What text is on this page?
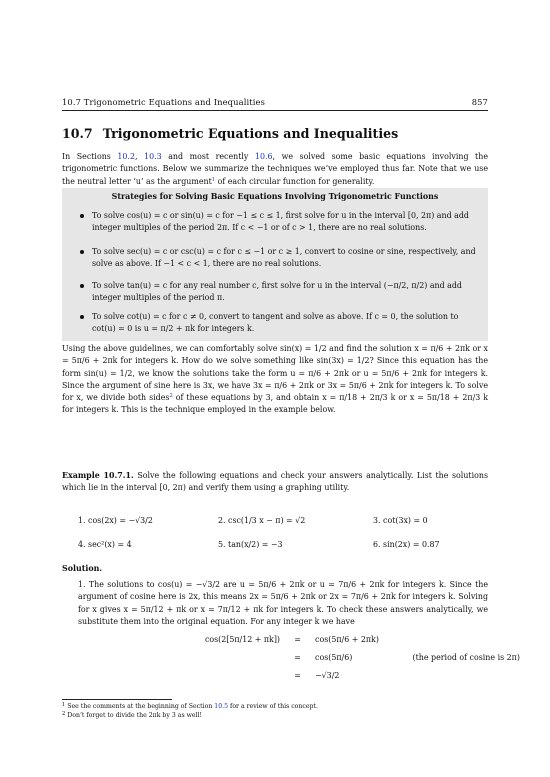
10.7 Trigonometric Equations and Inequalities	857
10.7 Trigonometric Equations and Inequalities
In Sections 10.2, 10.3 and most recently 10.6, we solved some basic equations involving the trigonometric functions. Below we summarize the techniques we’ve employed thus far. Note that we use the neutral letter ‘u’ as the argument$^1$ of each circular function for generality.
Strategies for Solving Basic Equations Involving Trigonometric Functions
To solve cos(u) = c or sin(u) = c for −1 ≤ c ≤ 1, first solve for u in the interval [0, 2π) and add integer multiples of the period 2π. If c < −1 or of c > 1, there are no real solutions.
To solve sec(u) = c or csc(u) = c for c ≤ −1 or c ≥ 1, convert to cosine or sine, respectively, and solve as above. If −1 < c < 1, there are no real solutions.
To solve tan(u) = c for any real number c, first solve for u in the interval (−π/2, π/2) and add integer multiples of the period π.
To solve cot(u) = c for c ≠ 0, convert to tangent and solve as above. If c = 0, the solution to cot(u) = 0 is u = π/2 + πk for integers k.
Using the above guidelines, we can comfortably solve sin(x) = 1/2 and find the solution x = π/6 + 2πk or x = 5π/6 + 2πk for integers k. How do we solve something like sin(3x) = 1/2? Since this equation has the form sin(u) = 1/2, we know the solutions take the form u = π/6 + 2πk or u = 5π/6 + 2πk for integers k. Since the argument of sine here is 3x, we have 3x = π/6 + 2πk or 3x = 5π/6 + 2πk for integers k. To solve for x, we divide both sides$^2$ of these equations by 3, and obtain x = π/18 + 2π/3 k or x = 5π/18 + 2π/3 k for integers k. This is the technique employed in the example below.
Example 10.7.1. Solve the following equations and check your answers analytically. List the solutions which lie in the interval [0, 2π) and verify them using a graphing utility.
1. cos(2x) = −√3/2	2. csc(1/3 x − π) = √2	3. cot(3x) = 0
4. sec²(x) = 4	5. tan(x/2) = −3	6. sin(2x) = 0.87
Solution.
1. The solutions to cos(u) = −√3/2 are u = 5π/6 + 2πk or u = 7π/6 + 2πk for integers k. Since the argument of cosine here is 2x, this means 2x = 5π/6 + 2πk or 2x = 7π/6 + 2πk for integers k. Solving for x gives x = 5π/12 + πk or x = 7π/12 + πk for integers k. To check these answers analytically, we substitute them into the original equation. For any integer k we have
cos(2[5π/12 + πk]) = cos(5π/6 + 2πk)
= cos(5π/6)	(the period of cosine is 2π)
= −√3/2
$^1$ See the comments at the beginning of Section 10.5 for a review of this concept.
$^2$ Don’t forget to divide the 2πk by 3 as well!
